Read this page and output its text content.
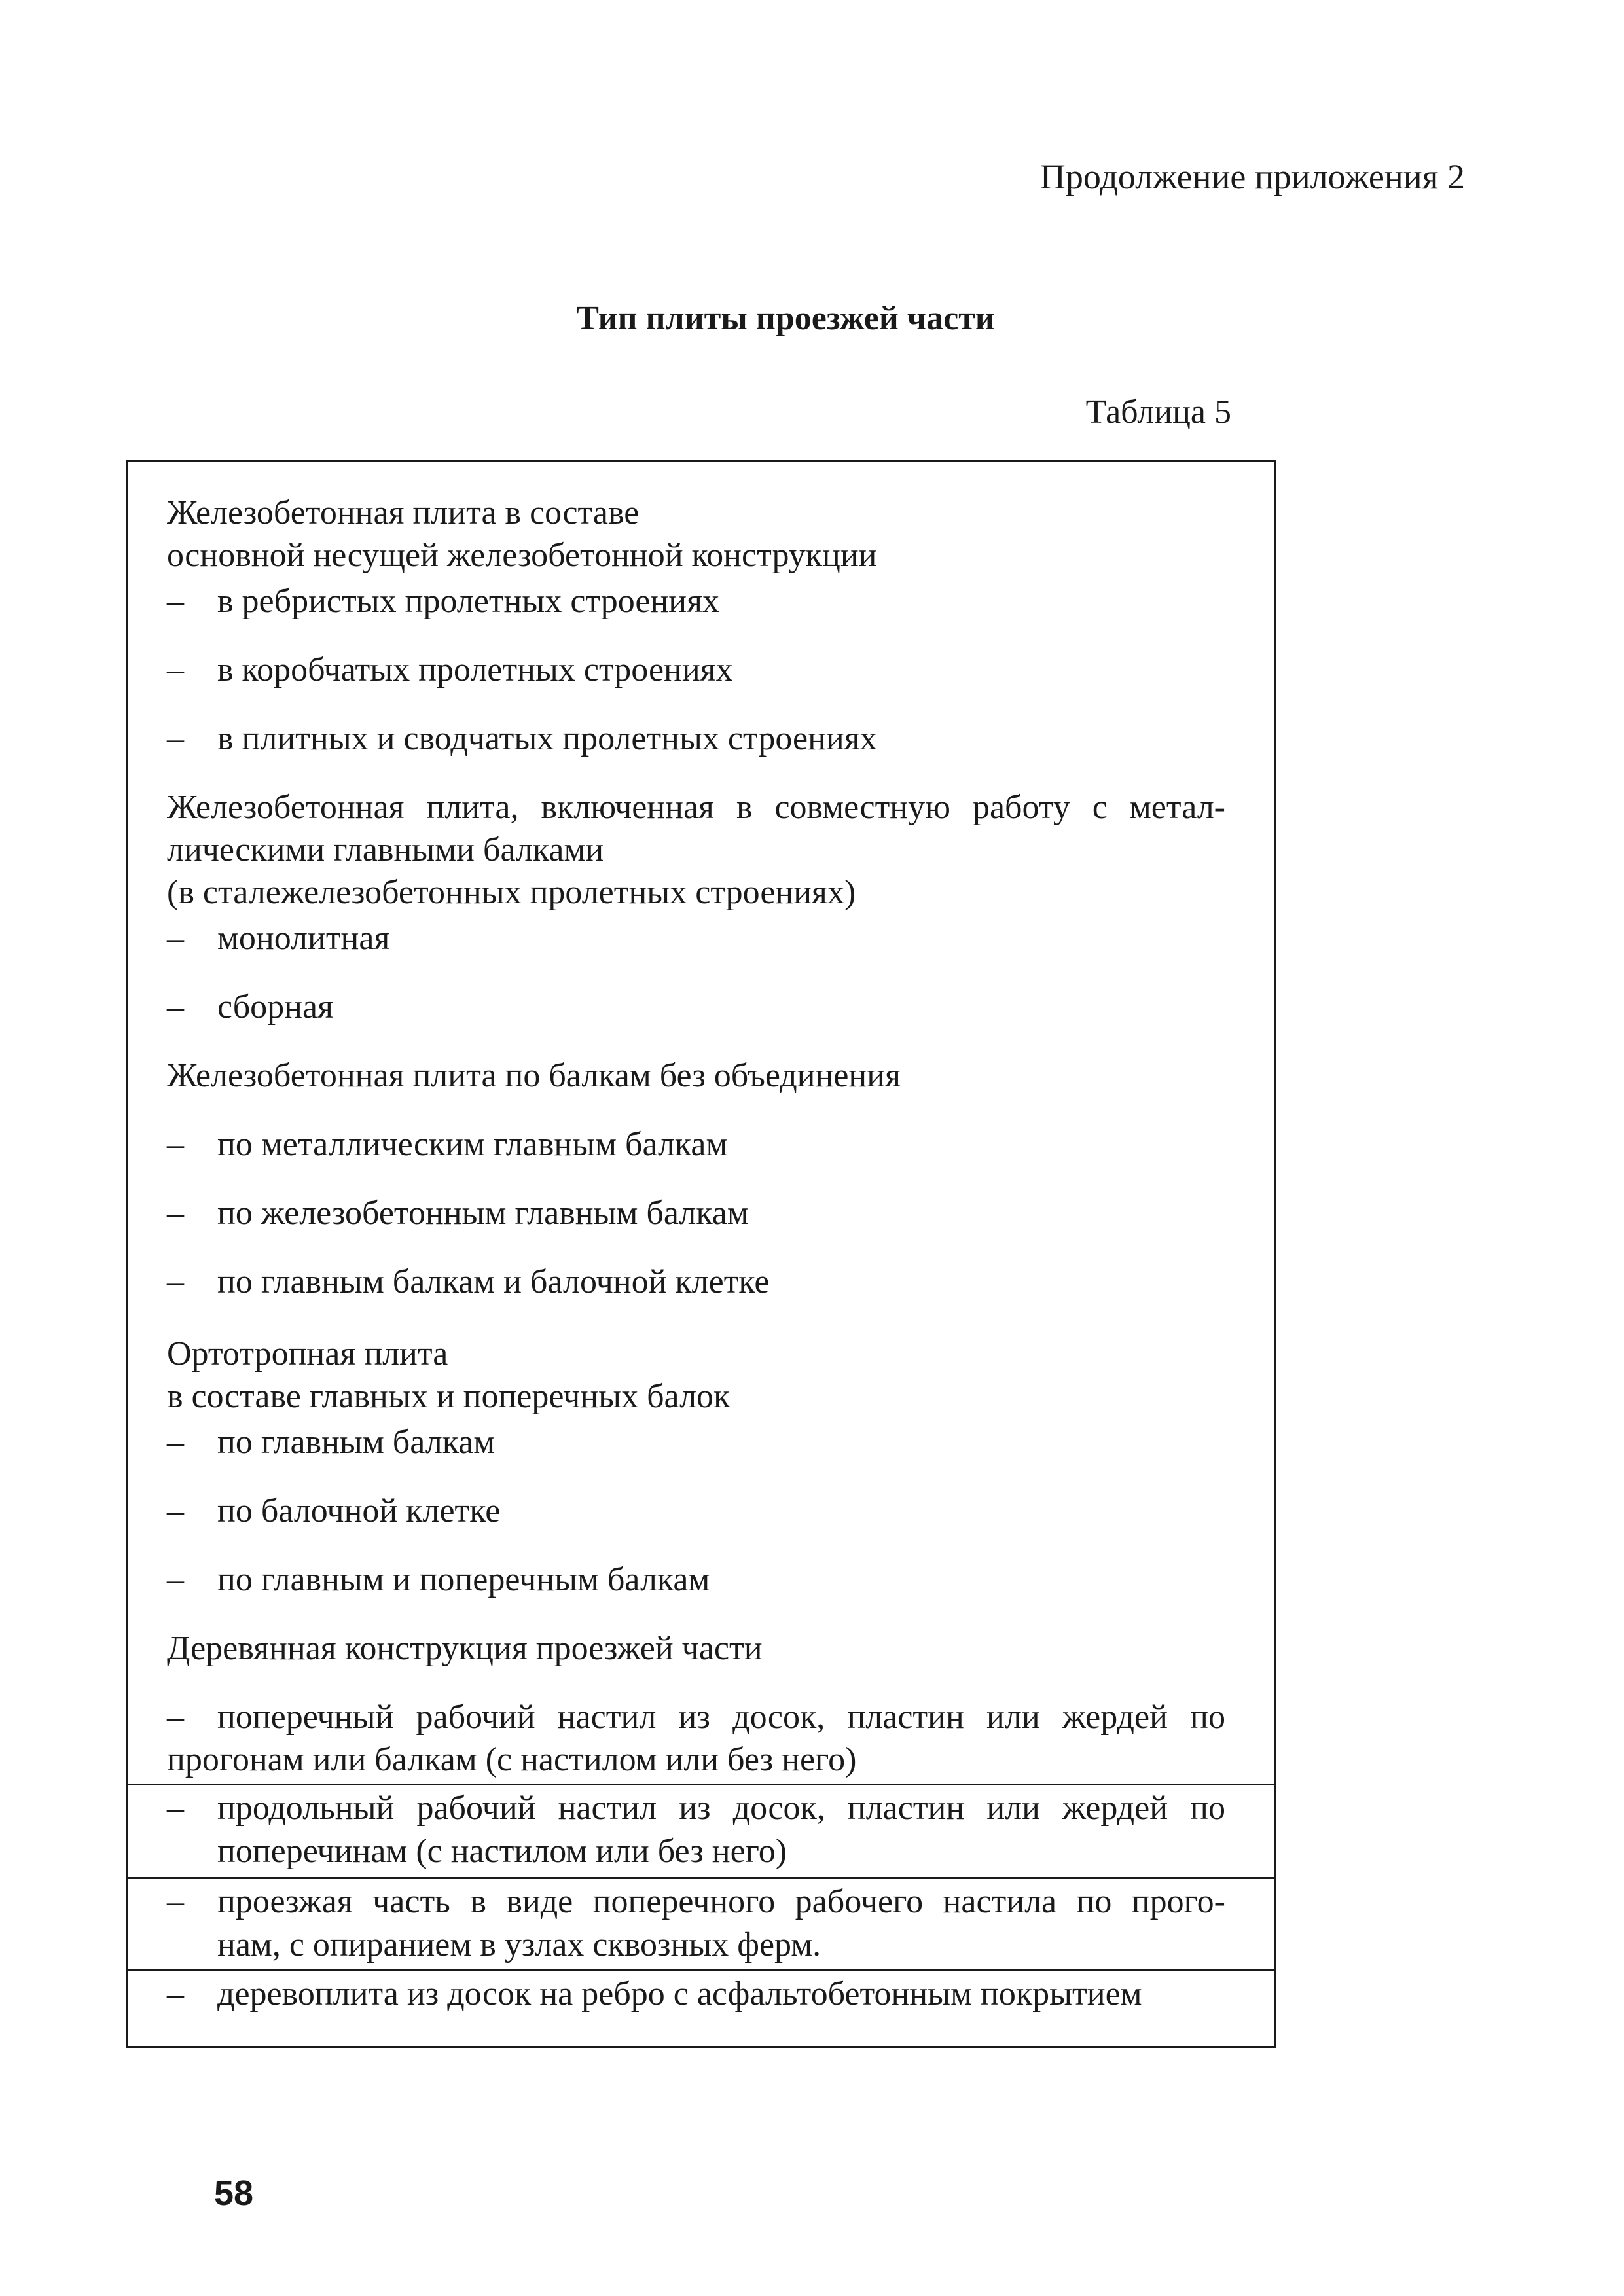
Продолжение приложения 2
Тип плиты проезжей части
Таблица 5
Железобетонная плита в составе
основной несущей железобетонной конструкции
– в ребристых пролетных строениях
– в коробчатых пролетных строениях
– в плитных и сводчатых пролетных строениях
Железобетонная плита, включенная в совместную работу с метал-
лическими главными балками
(в сталежелезобетонных пролетных строениях)
– монолитная
– сборная
Железобетонная плита по балкам без объединения
– по металлическим главным балкам
– по железобетонным главным балкам
– по главным балкам и балочной клетке
Ортотропная плита
в составе главных и поперечных балок
– по главным балкам
– по балочной клетке
– по главным и поперечным балкам
Деревянная конструкция проезжей части
– поперечный рабочий настил из досок, пластин или жердей по
прогонам или балкам (с настилом или без него)
– продольный рабочий настил из досок, пластин или жердей по
поперечинам (с настилом или без него)
– проезжая часть в виде поперечного рабочего настила по прого-
нам, с опиранием в узлах сквозных ферм.
– деревоплита из досок на ребро с асфальтобетонным покрытием
58
